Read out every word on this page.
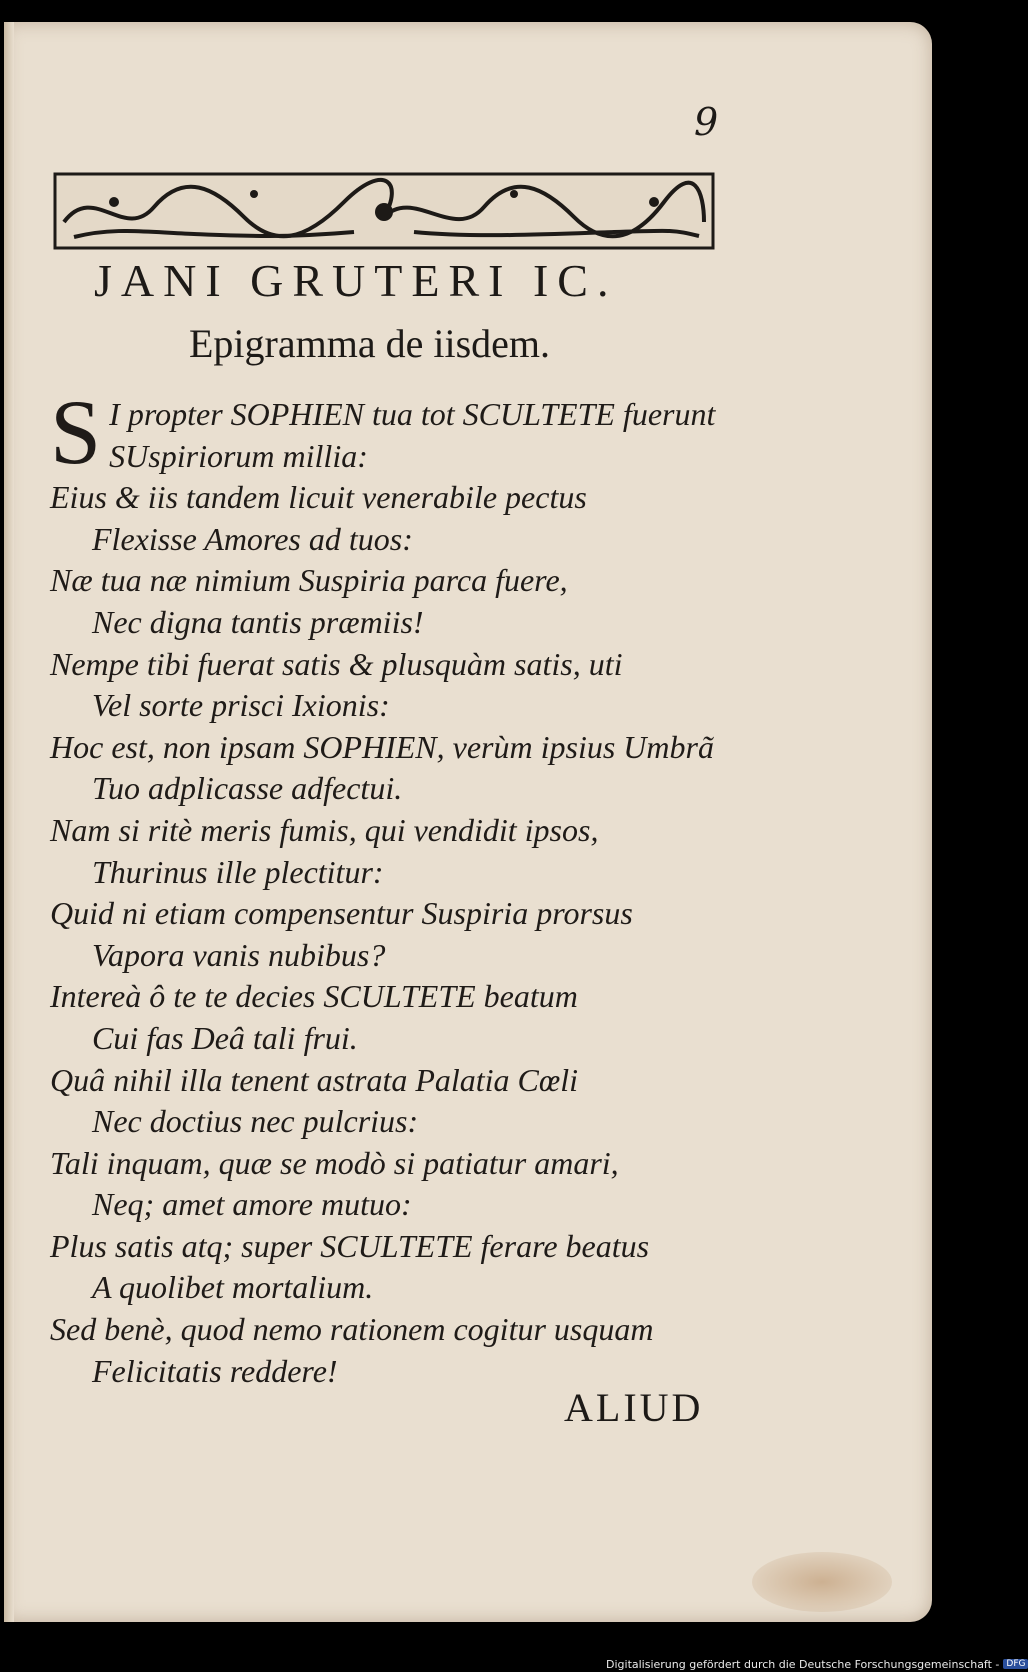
9
JANI GRUTERI IC.
Epigramma de iisdem.
S I propter SOPHIEN tua tot SCULTETE fuerunt
SUspiriorum millia:
Eius & iis tandem licuit venerabile pectus
Flexisse Amores ad tuos:
Næ tua næ nimium Suspiria parca fuere,
Nec digna tantis præmiis!
Nempe tibi fuerat satis & plusquàm satis, uti
Vel sorte prisci Ixionis:
Hoc est, non ipsam SOPHIEN, verùm ipsius Umbrã
Tuo adplicasse adfectui.
Nam si ritè meris fumis, qui vendidit ipsos,
Thurinus ille plectitur:
Quid ni etiam compensentur Suspiria prorsus
Vapora vanis nubibus?
Intereà ô te te decies SCULTETE beatum
Cui fas Deâ tali frui.
Quâ nihil illa tenent astrata Palatia Cœli
Nec doctius nec pulcrius:
Tali inquam, quæ se modò si patiatur amari,
Neq; amet amore mutuo:
Plus satis atq; super SCULTETE ferare beatus
A quolibet mortalium.
Sed benè, quod nemo rationem cogitur usquam
Felicitatis reddere!
ALIUD
Digitalisierung gefördert durch die Deutsche Forschungsgemeinschaft - DFG
